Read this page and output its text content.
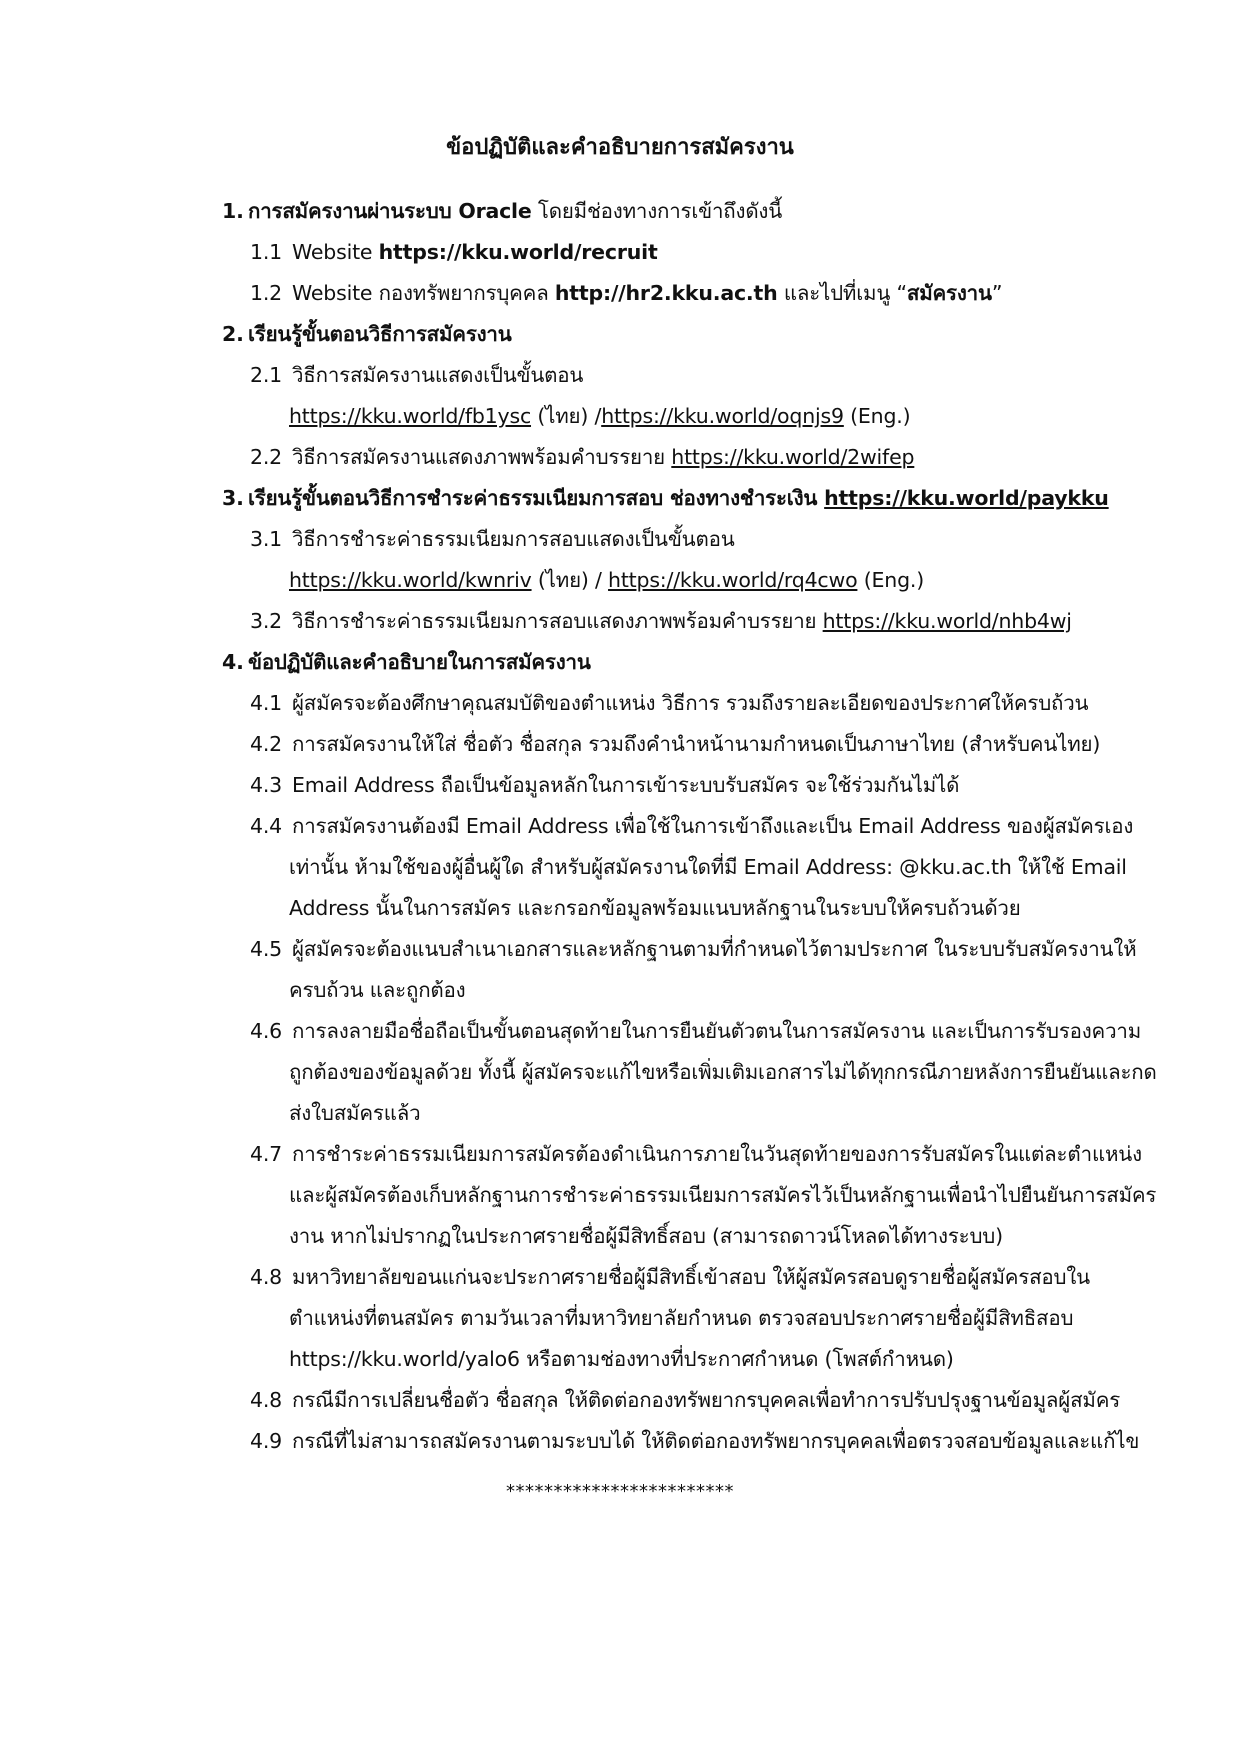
ข้อปฏิบัติและคำอธิบายการสมัครงาน
1. การสมัครงานผ่านระบบ Oracle โดยมีช่องทางการเข้าถึงดังนี้
1.1 Website https://kku.world/recruit
1.2 Website กองทรัพยากรบุคคล http://hr2.kku.ac.th และไปที่เมนู “สมัครงาน”
2. เรียนรู้ขั้นตอนวิธีการสมัครงาน
2.1 วิธีการสมัครงานแสดงเป็นขั้นตอน
https://kku.world/fb1ysc (ไทย) /https://kku.world/oqnjs9 (Eng.)
2.2 วิธีการสมัครงานแสดงภาพพร้อมคำบรรยาย https://kku.world/2wifep
3. เรียนรู้ขั้นตอนวิธีการชำระค่าธรรมเนียมการสอบ ช่องทางชำระเงิน https://kku.world/paykku
3.1 วิธีการชำระค่าธรรมเนียมการสอบแสดงเป็นขั้นตอน
https://kku.world/kwnriv (ไทย) / https://kku.world/rq4cwo (Eng.)
3.2 วิธีการชำระค่าธรรมเนียมการสอบแสดงภาพพร้อมคำบรรยาย https://kku.world/nhb4wj
4. ข้อปฏิบัติและคำอธิบายในการสมัครงาน
4.1 ผู้สมัครจะต้องศึกษาคุณสมบัติของตำแหน่ง วิธีการ รวมถึงรายละเอียดของประกาศให้ครบถ้วน
4.2 การสมัครงานให้ใส่ ชื่อตัว ชื่อสกุล รวมถึงคำนำหน้านามกำหนดเป็นภาษาไทย (สำหรับคนไทย)
4.3 Email Address ถือเป็นข้อมูลหลักในการเข้าระบบรับสมัคร จะใช้ร่วมกันไม่ได้
4.4 การสมัครงานต้องมี Email Address เพื่อใช้ในการเข้าถึงและเป็น Email Address ของผู้สมัครเอง
เท่านั้น ห้ามใช้ของผู้อื่นผู้ใด สำหรับผู้สมัครงานใดที่มี Email Address: @kku.ac.th ให้ใช้ Email
Address นั้นในการสมัคร และกรอกข้อมูลพร้อมแนบหลักฐานในระบบให้ครบถ้วนด้วย
4.5 ผู้สมัครจะต้องแนบสำเนาเอกสารและหลักฐานตามที่กำหนดไว้ตามประกาศ ในระบบรับสมัครงานให้
ครบถ้วน และถูกต้อง
4.6 การลงลายมือชื่อถือเป็นขั้นตอนสุดท้ายในการยืนยันตัวตนในการสมัครงาน และเป็นการรับรองความ
ถูกต้องของข้อมูลด้วย ทั้งนี้ ผู้สมัครจะแก้ไขหรือเพิ่มเติมเอกสารไม่ได้ทุกกรณีภายหลังการยืนยันและกด
ส่งใบสมัครแล้ว
4.7 การชำระค่าธรรมเนียมการสมัครต้องดำเนินการภายในวันสุดท้ายของการรับสมัครในแต่ละตำแหน่ง
และผู้สมัครต้องเก็บหลักฐานการชำระค่าธรรมเนียมการสมัครไว้เป็นหลักฐานเพื่อนำไปยืนยันการสมัคร
งาน หากไม่ปรากฏในประกาศรายชื่อผู้มีสิทธิ์สอบ (สามารถดาวน์โหลดได้ทางระบบ)
4.8 มหาวิทยาลัยขอนแก่นจะประกาศรายชื่อผู้มีสิทธิ์เข้าสอบ ให้ผู้สมัครสอบดูรายชื่อผู้สมัครสอบใน
ตำแหน่งที่ตนสมัคร ตามวันเวลาที่มหาวิทยาลัยกำหนด ตรวจสอบประกาศรายชื่อผู้มีสิทธิสอบ
https://kku.world/yalo6 หรือตามช่องทางที่ประกาศกำหนด (โพสต์กำหนด)
4.8 กรณีมีการเปลี่ยนชื่อตัว ชื่อสกุล ให้ติดต่อกองทรัพยากรบุคคลเพื่อทำการปรับปรุงฐานข้อมูลผู้สมัคร
4.9 กรณีที่ไม่สามารถสมัครงานตามระบบได้ ให้ติดต่อกองทรัพยากรบุคคลเพื่อตรวจสอบข้อมูลและแก้ไข
************************
